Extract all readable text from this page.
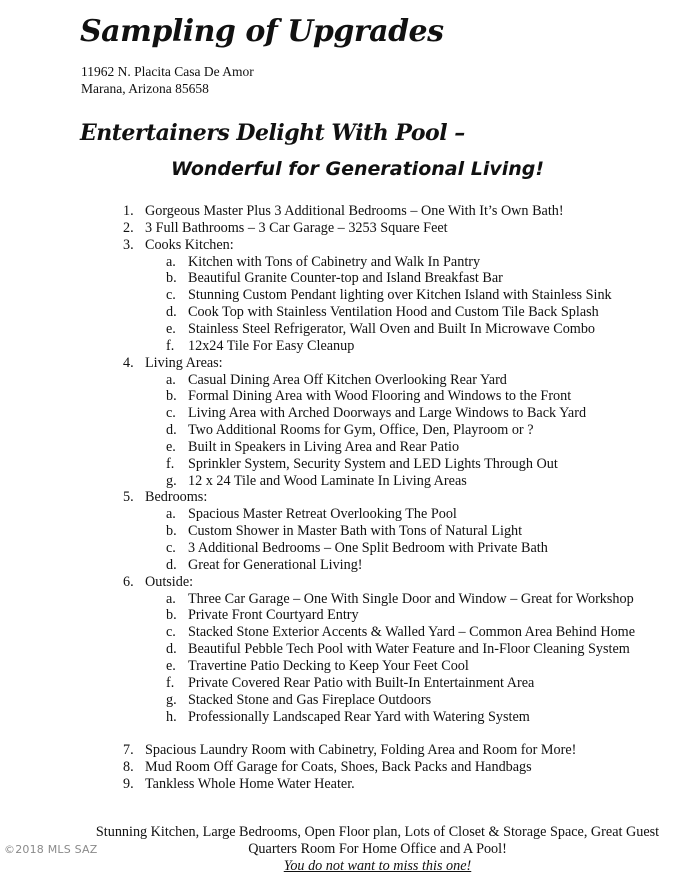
Sampling of Upgrades
11962 N. Placita Casa De Amor
Marana, Arizona 85658
Entertainers Delight With Pool –
Wonderful for Generational Living!
1. Gorgeous Master Plus 3 Additional Bedrooms – One With It’s Own Bath!
2. 3 Full Bathrooms – 3 Car Garage – 3253 Square Feet
3. Cooks Kitchen:
a. Kitchen with Tons of Cabinetry and Walk In Pantry
b. Beautiful Granite Counter-top and Island Breakfast Bar
c. Stunning Custom Pendant lighting over Kitchen Island with Stainless Sink
d. Cook Top with Stainless Ventilation Hood and Custom Tile Back Splash
e. Stainless Steel Refrigerator, Wall Oven and Built In Microwave Combo
f. 12x24 Tile For Easy Cleanup
4. Living Areas:
a. Casual Dining Area Off Kitchen Overlooking Rear Yard
b. Formal Dining Area with Wood Flooring and Windows to the Front
c. Living Area with Arched Doorways and Large Windows to Back Yard
d. Two Additional Rooms for Gym, Office, Den, Playroom or ?
e. Built in Speakers in Living Area and Rear Patio
f. Sprinkler System, Security System and LED Lights Through Out
g. 12 x 24 Tile and Wood Laminate In Living Areas
5. Bedrooms:
a. Spacious Master Retreat Overlooking The Pool
b. Custom Shower in Master Bath with Tons of Natural Light
c. 3 Additional Bedrooms – One Split Bedroom with Private Bath
d. Great for Generational Living!
6. Outside:
a. Three Car Garage – One With Single Door and Window – Great for Workshop
b. Private Front Courtyard Entry
c. Stacked Stone Exterior Accents & Walled Yard – Common Area Behind Home
d. Beautiful Pebble Tech Pool with Water Feature and In-Floor Cleaning System
e. Travertine Patio Decking to Keep Your Feet Cool
f. Private Covered Rear Patio with Built-In Entertainment Area
g. Stacked Stone and Gas Fireplace Outdoors
h. Professionally Landscaped Rear Yard with Watering System
7. Spacious Laundry Room with Cabinetry, Folding Area and Room for More!
8. Mud Room Off Garage for Coats, Shoes, Back Packs and Handbags
9. Tankless Whole Home Water Heater.
Stunning Kitchen, Large Bedrooms, Open Floor plan, Lots of Closet & Storage Space, Great Guest
Quarters Room For Home Office and A Pool!
You do not want to miss this one!
©2018 MLS SAZ
